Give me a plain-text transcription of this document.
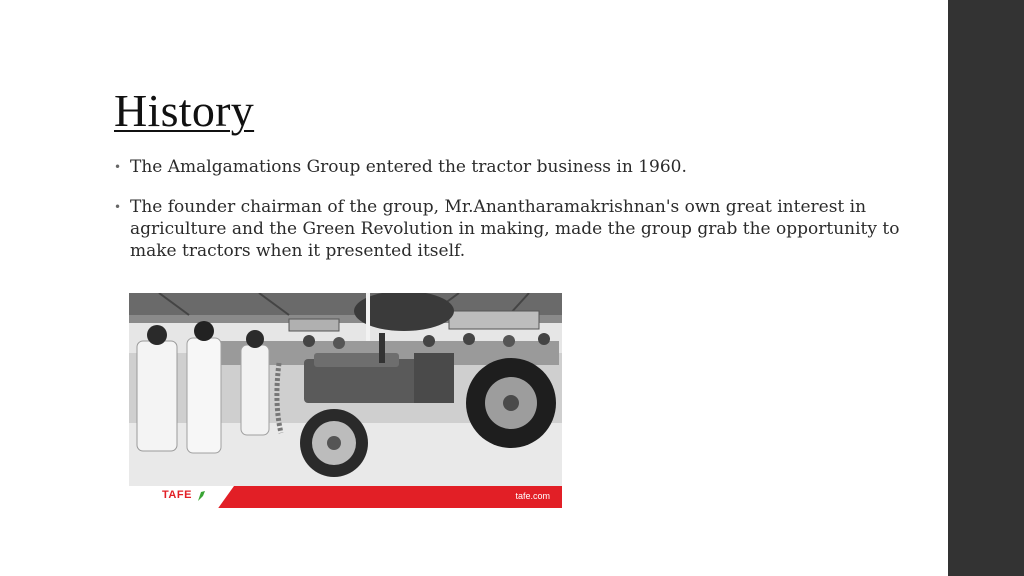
History
• The Amalgamations Group entered the tractor business in 1960.
• The founder chairman of the group, Mr.Anantharamakrishnan's own great interest in agriculture and the Green Revolution in making, made the group grab the opportunity to make tractors when it presented itself.
TAFE	tafe.com
